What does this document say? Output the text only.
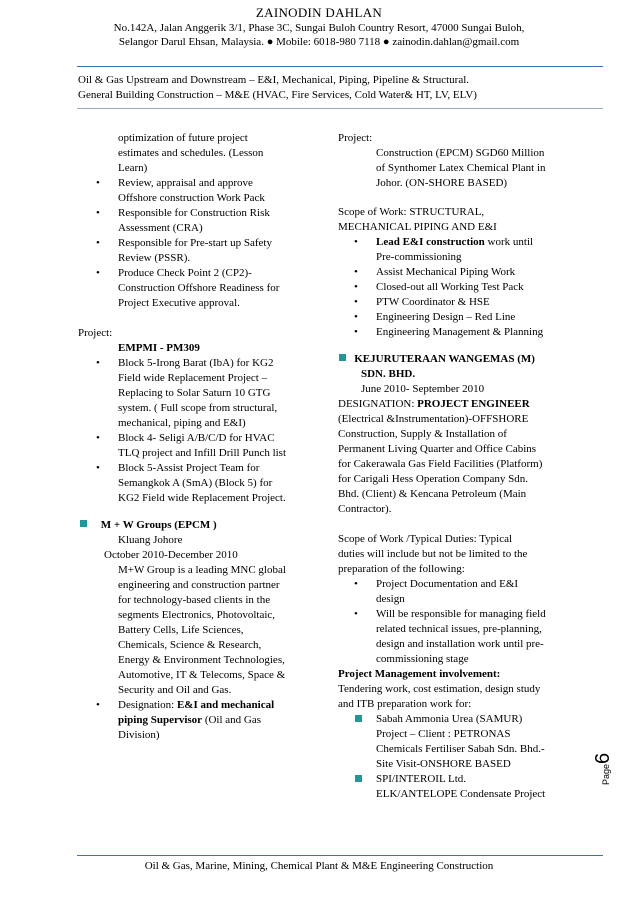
ZAINODIN DAHLAN
No.142A, Jalan Anggerik 3/1, Phase 3C, Sungai Buloh Country Resort, 47000 Sungai Buloh,
Selangor Darul Ehsan, Malaysia. ● Mobile: 6018-980 7118 ● zainodin.dahlan@gmail.com
Oil & Gas Upstream and Downstream – E&I, Mechanical, Piping, Pipeline & Structural.
General Building Construction – M&E (HVAC, Fire Services, Cold Water& HT, LV, ELV)

optimization of future project

estimates and schedules. (Lesson

Learn)

• Review, appraisal and approve
Offshore construction Work Pack
• Responsible for Construction Risk
Assessment (CRA)
• Responsible for Pre-start up Safety
Review (PSSR).
• Produce Check Point 2 (CP2)-
Construction Offshore Readiness for
Project Executive approval.

Project:

EMPMI - PM309

• Block 5-Irong Barat (IbA) for KG2
Field wide Replacement Project –
Replacing to Solar Saturn 10 GTG
system. ( Full scope from structural,
mechanical, piping and E&I)
• Block 4- Seligi A/B/C/D for HVAC
TLQ project and Infill Drill Punch list
• Block 5-Assist Project Team for
Semangkok A (SmA) (Block 5) for
KG2 Field wide Replacement Project.

M + W Groups (EPCM )

Kluang Johore

October 2010-December 2010

M+W Group is a leading MNC global

engineering and construction partner

for technology-based clients in the

segments Electronics, Photovoltaic,

Battery Cells, Life Sciences,

Chemicals, Science & Research,

Energy & Environment Technologies,

Automotive, IT & Telecoms, Space &

Security and Oil and Gas.

• Designation: E&I and mechanical
piping Supervisor (Oil and Gas
Division)

Project:

Construction (EPCM) SGD60 Million

of Synthomer Latex Chemical Plant in

Johor. (ON-SHORE BASED)

Scope of Work: STRUCTURAL,

MECHANICAL PIPING AND E&I

• Lead E&I construction work until
Pre-commissioning
• Assist Mechanical Piping Work
• Closed-out all Working Test Pack
• PTW Coordinator & HSE
• Engineering Design – Red Line
• Engineering Management & Planning

KEJURUTERAAN WANGEMAS (M)

SDN. BHD.

June 2010- September 2010

DESIGNATION: PROJECT ENGINEER

(Electrical &Instrumentation)-OFFSHORE

Construction, Supply & Installation of

Permanent Living Quarter and Office Cabins

for Cakerawala Gas Field Facilities (Platform)

for Carigali Hess Operation Company Sdn.

Bhd. (Client) & Kencana Petroleum (Main

Contractor).

Scope of Work /Typical Duties: Typical

duties will include but not be limited to the

preparation of the following:

• Project Documentation and E&I
design
• Will be responsible for managing field
related technical issues, pre-planning,
design and installation work until pre-
commissioning stage

Project Management involvement:

Tendering work, cost estimation, design study

and ITB preparation work for:

Sabah Ammonia Urea (SAMUR)

Project – Client : PETRONAS

Chemicals Fertiliser Sabah Sdn. Bhd.-

Site Visit-ONSHORE BASED

SPI/INTEROIL Ltd.

ELK/ANTELOPE Condensate Project

Page6
Oil & Gas, Marine, Mining, Chemical Plant & M&E Engineering Construction
